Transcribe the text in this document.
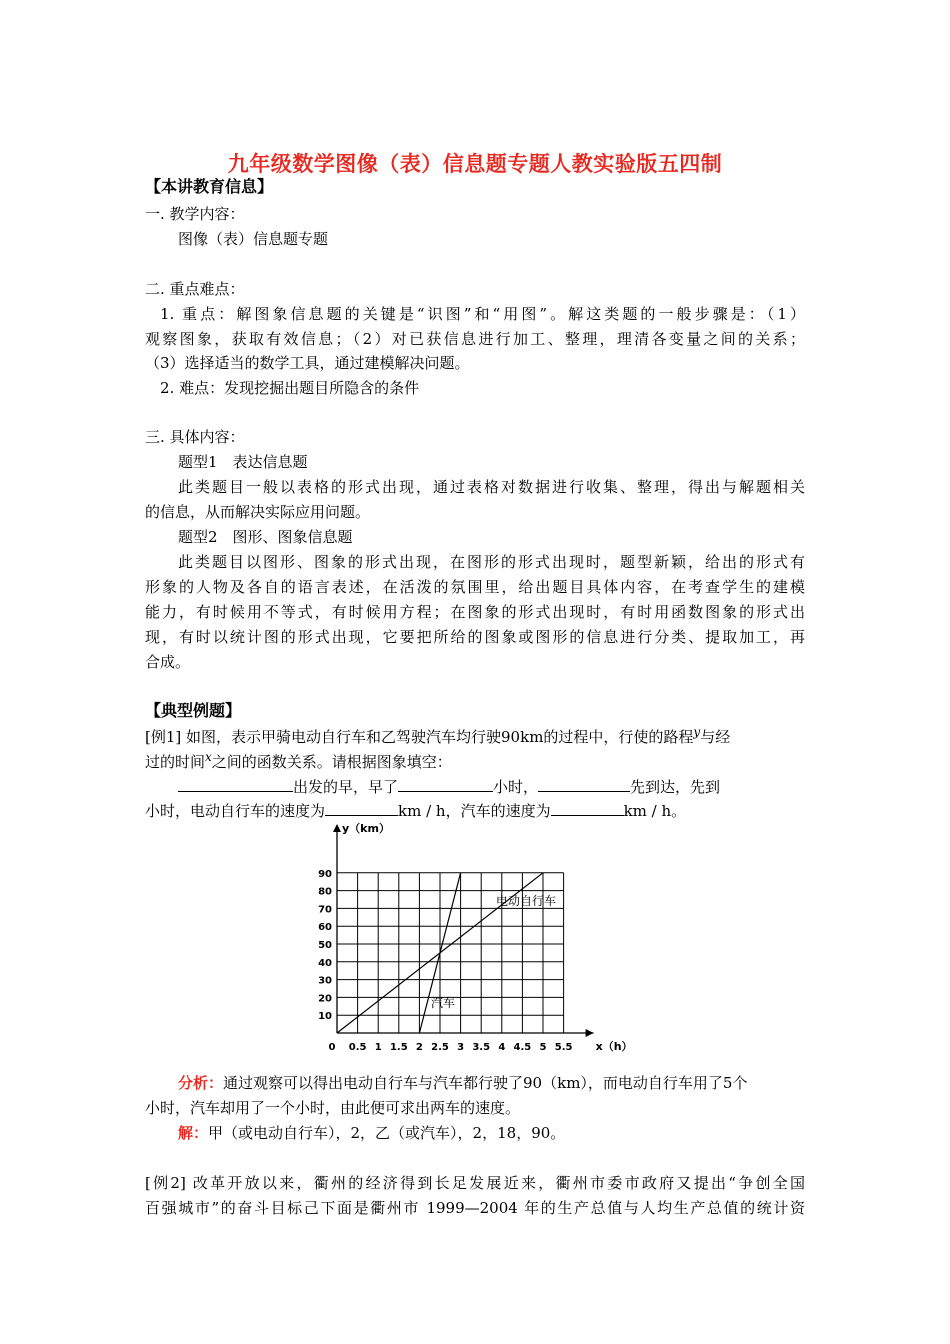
九年级数学图像（表）信息题专题人教实验版五四制
【本讲教育信息】
一. 教学内容：
图像（表）信息题专题
二. 重点难点：
1. 重点：解图象信息题的关键是“识图”和“用图”。解这类题的一般步骤是：（1）
观察图象，获取有效信息；（2）对已获信息进行加工、整理，理清各变量之间的关系；
（3）选择适当的数学工具，通过建模解决问题。
2. 难点：发现挖掘出题目所隐含的条件
三. 具体内容：
题型1　表达信息题
此类题目一般以表格的形式出现，通过表格对数据进行收集、整理，得出与解题相关
的信息，从而解决实际应用问题。
题型2　图形、图象信息题
此类题目以图形、图象的形式出现，在图形的形式出现时，题型新颖，给出的形式有
形象的人物及各自的语言表述，在活泼的氛围里，给出题目具体内容，在考查学生的建模
能力，有时候用不等式，有时候用方程；在图象的形式出现时，有时用函数图象的形式出
现，有时以统计图的形式出现，它要把所给的图象或图形的信息进行分类、提取加工，再
合成。
【典型例题】
[例1] 如图，表示甲骑电动自行车和乙驾驶汽车均行驶90km的过程中，行使的路程$^y$与经
过的时间$^x$之间的函数关系。请根据图象填空：
出发的早，早了	小时，	先到达，先到
小时，电动自行车的速度为	km / h，汽车的速度为	km / h。
0 0.5 1 1.5 2 2.5 3 3.5 4 4.5 5 5.5
10
20
30
40
50
60
70
80
90
y（km）
x（h）
电动自行车
汽车
分析：通过观察可以得出电动自行车与汽车都行驶了90（km），而电动自行车用了5个
小时，汽车却用了一个小时，由此便可求出两车的速度。
解：甲（或电动自行车），2，乙（或汽车），2，18，90。
[例2] 改革开放以来，衢州的经济得到长足发展近来，衢州市委市政府又提出“争创全国
百强城市”的奋斗目标己下面是衢州市 1999—2004 年的生产总值与人均生产总值的统计资
